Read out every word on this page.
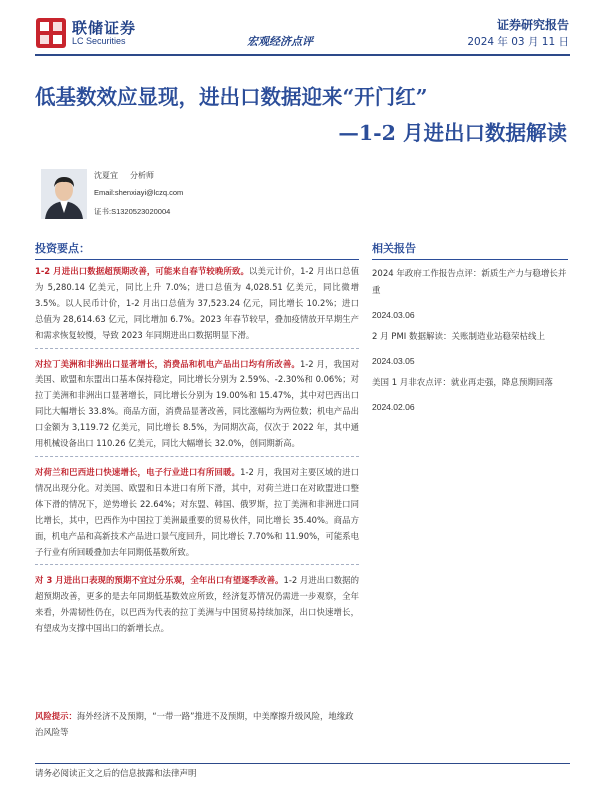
联储证券
LC Securities	宏观经济点评
证券研究报告
2024 年 03 月 11 日
低基数效应显现，进出口数据迎来“开门红”
—1-2 月进出口数据解读
沈夏宜 分析师
Email:shenxiayi@lczq.com
证书:S1320523020004
投资要点：
1-2 月进出口数据超预期改善，可能来自春节较晚所致。以美元计价，1-2 月出口总值为 5,280.14 亿美元，同比上升 7.0%；进口总值为 4,028.51 亿美元，同比微增 3.5%。以人民币计价，1-2 月出口总值为 37,523.24 亿元，同比增长 10.2%；进口总值为 28,614.63 亿元，同比增加 6.7%。2023 年春节较早，叠加疫情放开早期生产和需求恢复较慢，导致 2023 年同期进出口数据明显下滑。
对拉丁美洲和非洲出口显著增长，消费品和机电产品出口均有所改善。1-2 月，我国对美国、欧盟和东盟出口基本保持稳定，同比增长分别为 2.59%、-2.30%和 0.06%；对拉丁美洲和非洲出口显著增长，同比增长分别为 19.00%和 15.47%，其中对巴西出口同比大幅增长 33.8%。商品方面，消费品显著改善，同比涨幅均为两位数；机电产品出口金额为 3,119.72 亿美元，同比增长 8.5%，为同期次高，仅次于 2022 年，其中通用机械设备出口 110.26 亿美元，同比大幅增长 32.0%，创同期新高。
对荷兰和巴西进口快速增长，电子行业进口有所回暖。1-2 月，我国对主要区域的进口情况出现分化。对美国、欧盟和日本进口有所下滑，其中，对荷兰进口在对欧盟进口整体下滑的情况下，逆势增长 22.64%；对东盟、韩国、俄罗斯，拉丁美洲和非洲进口同比增长，其中，巴西作为中国拉丁美洲最重要的贸易伙伴，同比增长 35.40%。商品方面，机电产品和高新技术产品进口景气度回升，同比增长 7.70%和 11.90%，可能系电子行业有所回暖叠加去年同期低基数所致。
对 3 月进出口表现的预期不宜过分乐观，全年出口有望逐季改善。1-2 月进出口数据的超预期改善，更多的是去年同期低基数效应所致，经济复苏情况仍需进一步观察，全年来看，外需韧性仍在，以巴西为代表的拉丁美洲与中国贸易持续加深，出口快速增长，有望成为支撑中国出口的新增长点。
风险提示：海外经济不及预期，“一带一路”推进不及预期，中美摩擦升级风险，地缘政治风险等
相关报告
2024 年政府工作报告点评：新质生产力与稳增长并重
2024.03.06
2 月 PMI 数据解读：关账制造业站稳荣枯线上
2024.03.05
美国 1 月非农点评：就业再走强，降息预期回落
2024.02.06
请务必阅读正文之后的信息披露和法律声明
